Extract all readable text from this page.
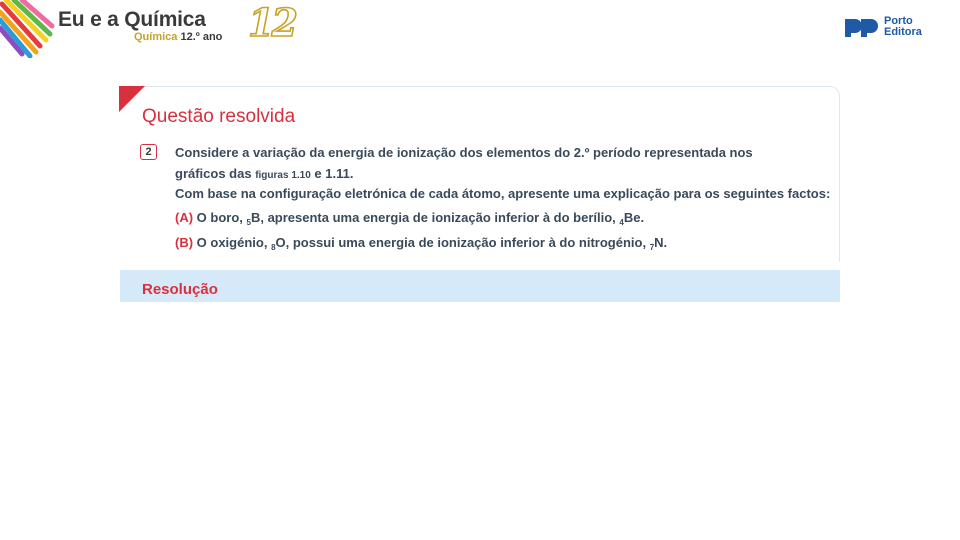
Eu e a Química
Química 12.º ano 12	Porto
Editora
Questão resolvida
2	Considere a variação da energia de ionização dos elementos do 2.º período representada nos
gráficos das figuras 1.10 e 1.11.
Com base na configuração eletrónica de cada átomo, apresente uma explicação para os seguintes factos:
(A) O boro, $_5$B, apresenta uma energia de ionização inferior à do berílio, $_4$Be.
(B) O oxigénio, $_8$O, possui uma energia de ionização inferior à do nitrogénio, $_7$N.
Resolução
